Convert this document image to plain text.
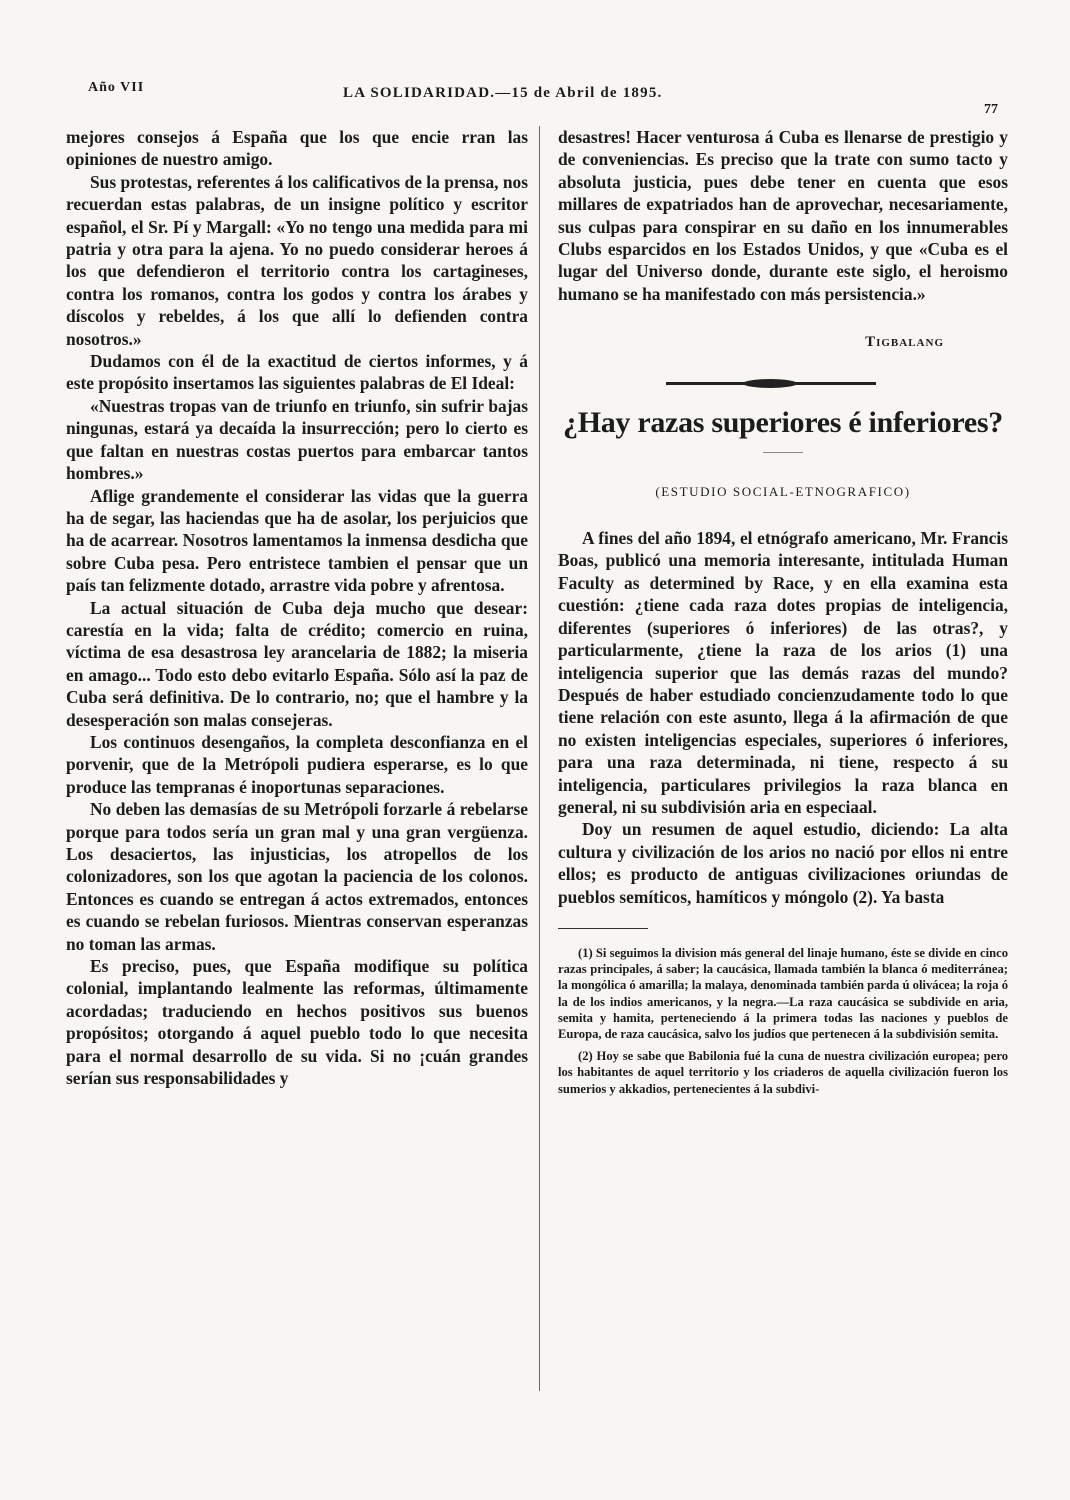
Año VII	LA SOLIDARIDAD.—15 de Abril de 1895.
77

mejores consejos á España que los que encie rran las opiniones de nuestro amigo.

Sus protestas, referentes á los calificativos de la prensa, nos recuerdan estas palabras, de un insigne político y escritor español, el Sr. Pí y Margall: «Yo no tengo una medida para mi patria y otra para la ajena. Yo no puedo considerar heroes á los que defendieron el territorio contra los cartagineses, contra los romanos, contra los godos y contra los árabes y díscolos y rebeldes, á los que allí lo defienden contra nosotros.»

Dudamos con él de la exactitud de ciertos informes, y á este propósito insertamos las siguientes palabras de El Ideal:

«Nuestras tropas van de triunfo en triunfo, sin sufrir bajas ningunas, estará ya decaída la insurrección; pero lo cierto es que faltan en nuestras costas puertos para embarcar tantos hombres.»

Aflige grandemente el considerar las vidas que la guerra ha de segar, las haciendas que ha de asolar, los perjuicios que ha de acarrear. Nosotros lamentamos la inmensa desdicha que sobre Cuba pesa. Pero entristece tambien el pensar que un país tan felizmente dotado, arrastre vida pobre y afrentosa.

La actual situación de Cuba deja mucho que desear: carestía en la vida; falta de crédito; comercio en ruina, víctima de esa desastrosa ley arancelaria de 1882; la miseria en amago... Todo esto debo evitarlo España. Sólo así la paz de Cuba será definitiva. De lo contrario, no; que el hambre y la desesperación son malas consejeras.

Los continuos desengaños, la completa desconfianza en el porvenir, que de la Metrópoli pudiera esperarse, es lo que produce las tempranas é inoportunas separaciones.

No deben las demasías de su Metrópoli forzarle á rebelarse porque para todos sería un gran mal y una gran vergüenza. Los desaciertos, las injusticias, los atropellos de los colonizadores, son los que agotan la paciencia de los colonos. Entonces es cuando se entregan á actos extremados, entonces es cuando se rebelan furiosos. Mientras conservan esperanzas no toman las armas.

Es preciso, pues, que España modifique su política colonial, implantando lealmente las reformas, últimamente acordadas; traduciendo en hechos positivos sus buenos propósitos; otorgando á aquel pueblo todo lo que necesita para el normal desarrollo de su vida. Si no ¡cuán grandes serían sus responsabilidades y

desastres! Hacer venturosa á Cuba es llenarse de prestigio y de conveniencias. Es preciso que la trate con sumo tacto y absoluta justicia, pues debe tener en cuenta que esos millares de expatriados han de aprovechar, necesariamente, sus culpas para conspirar en su daño en los innumerables Clubs esparcidos en los Estados Unidos, y que «Cuba es el lugar del Universo donde, durante este siglo, el heroismo humano se ha manifestado con más persistencia.»

Tigbalang
¿Hay razas superiores é inferiores?
(ESTUDIO SOCIAL-ETNOGRAFICO)

A fines del año 1894, el etnógrafo americano, Mr. Francis Boas, publicó una memoria interesante, intitulada Human Faculty as determined by Race, y en ella examina esta cuestión: ¿tiene cada raza dotes propias de inteligencia, diferentes (superiores ó inferiores) de las otras?, y particularmente, ¿tiene la raza de los arios (1) una inteligencia superior que las demás razas del mundo? Después de haber estudiado concienzudamente todo lo que tiene relación con este asunto, llega á la afirmación de que no existen inteligencias especiales, superiores ó inferiores, para una raza determinada, ni tiene, respecto á su inteligencia, particulares privilegios la raza blanca en general, ni su subdivisión aria en especiaal.

Doy un resumen de aquel estudio, diciendo: La alta cultura y civilización de los arios no nació por ellos ni entre ellos; es producto de antiguas civilizaciones oriundas de pueblos semíticos, hamíticos y móngolo (2). Ya basta

(1) Si seguimos la division más general del linaje humano, éste se divide en cinco razas principales, á saber; la caucásica, llamada también la blanca ó mediterránea; la mongólica ó amarilla; la malaya, denominada también parda ú olivácea; la roja ó la de los indios americanos, y la negra.—La raza caucásica se subdivide en aria, semita y hamita, perteneciendo á la primera todas las naciones y pueblos de Europa, de raza caucásica, salvo los judíos que pertenecen á la subdivisión semita.

(2) Hoy se sabe que Babilonia fué la cuna de nuestra civilización europea; pero los habitantes de aquel territorio y los criaderos de aquella civilización fueron los sumerios y akkadios, pertenecientes á la subdivi-
